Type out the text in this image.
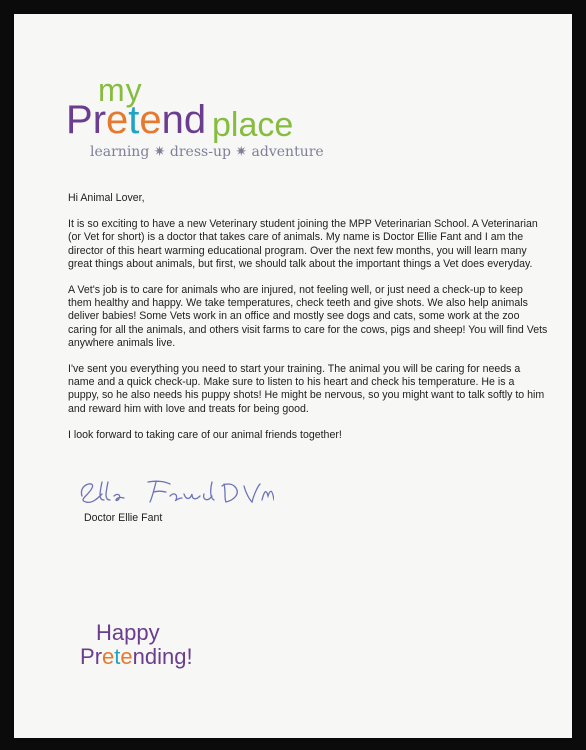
my
Pretend place
learning ✷ dress-up ✷ adventure

Hi Animal Lover,

It is so exciting to have a new Veterinary student joining the MPP Veterinarian School. A Veterinarian (or Vet for short) is a doctor that takes care of animals. My name is Doctor Ellie Fant and I am the director of this heart warming educational program. Over the next few months, you will learn many great things about animals, but first, we should talk about the important things a Vet does everyday.

A Vet's job is to care for animals who are injured, not feeling well, or just need a check-up to keep them healthy and happy. We take temperatures, check teeth and give shots. We also help animals deliver babies! Some Vets work in an office and mostly see dogs and cats, some work at the zoo caring for all the animals, and others visit farms to care for the cows, pigs and sheep! You will find Vets anywhere animals live.

I've sent you everything you need to start your training. The animal you will be caring for needs a name and a quick check-up. Make sure to listen to his heart and check his temperature. He is a puppy, so he also needs his puppy shots! He might be nervous, so you might want to talk softly to him and reward him with love and treats for being good.

I look forward to taking care of our animal friends together!

Doctor Ellie Fant
Happy
Pretending!
